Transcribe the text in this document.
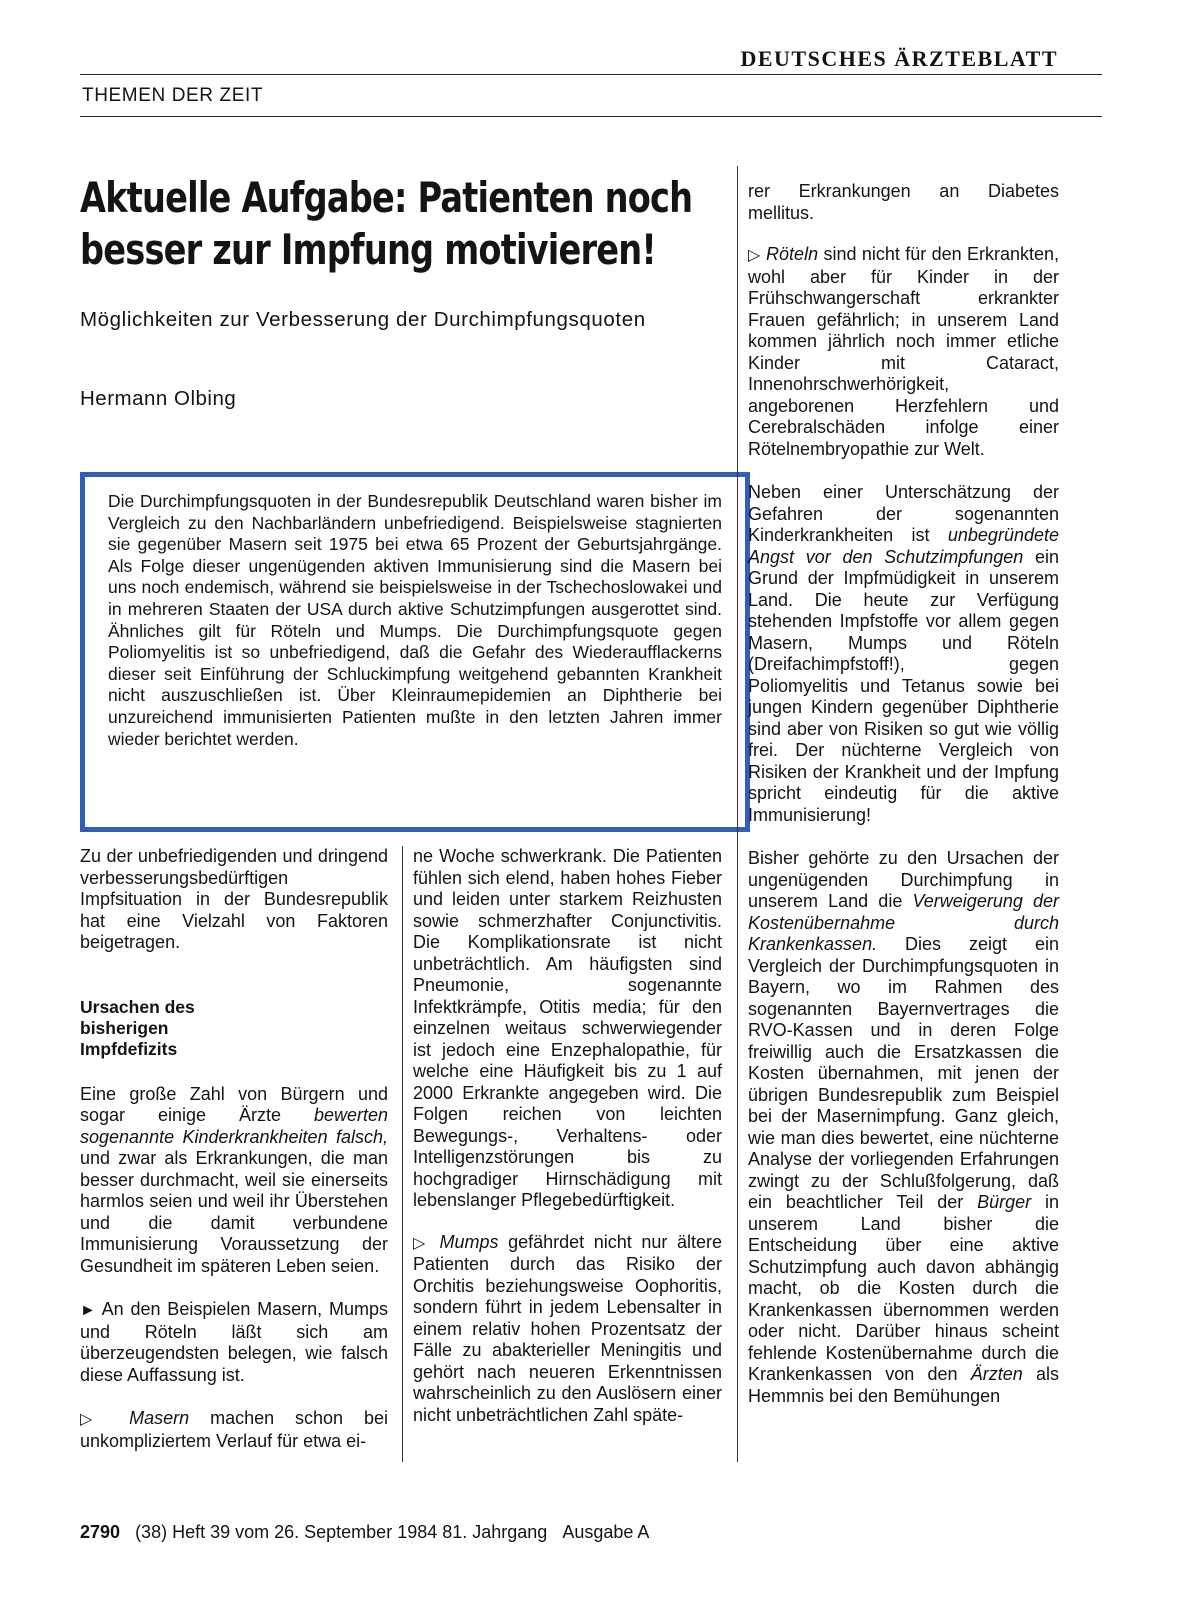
DEUTSCHES ÄRZTEBLATT
THEMEN DER ZEIT
Aktuelle Aufgabe: Patienten noch
besser zur Impfung motivieren!
Möglichkeiten zur Verbesserung der Durchimpfungsquoten
Hermann Olbing

Die Durchimpfungsquoten in der Bundesrepublik Deutschland waren bisher im Vergleich zu den Nachbarländern unbefriedigend. Beispielsweise stagnierten sie gegenüber Masern seit 1975 bei etwa 65 Prozent der Geburtsjahrgänge. Als Folge dieser ungenügenden aktiven Immunisierung sind die Masern bei uns noch endemisch, während sie beispielsweise in der Tschechoslowakei und in mehreren Staaten der USA durch aktive Schutzimpfungen ausgerottet sind. Ähnliches gilt für Röteln und Mumps. Die Durchimpfungsquote gegen Poliomyelitis ist so unbefriedigend, daß die Gefahr des Wiederaufflackerns dieser seit Einführung der Schluckimpfung weitgehend gebannten Krankheit nicht auszuschließen ist. Über Kleinraumepidemien an Diphtherie bei unzureichend immunisierten Patienten mußte in den letzten Jahren immer wieder berichtet werden.

Zu der unbefriedigenden und dringend verbesserungsbedürftigen Impfsituation in der Bundesrepublik hat eine Vielzahl von Faktoren beigetragen.

Ursachen des bisherigen Impfdefizits

Eine große Zahl von Bürgern und sogar einige Ärzte bewerten sogenannte Kinderkrankheiten falsch, und zwar als Erkrankungen, die man besser durchmacht, weil sie einerseits harmlos seien und weil ihr Überstehen und die damit verbundene Immunisierung Voraussetzung der Gesundheit im späteren Leben seien.

► An den Beispielen Masern, Mumps und Röteln läßt sich am überzeugendsten belegen, wie falsch diese Auffassung ist.

▷ Masern machen schon bei unkompliziertem Verlauf für etwa ei-

ne Woche schwerkrank. Die Patienten fühlen sich elend, haben hohes Fieber und leiden unter starkem Reizhusten sowie schmerzhafter Conjunctivitis. Die Komplikationsrate ist nicht unbeträchtlich. Am häufigsten sind Pneumonie, sogenannte Infektkrämpfe, Otitis media; für den einzelnen weitaus schwerwiegender ist jedoch eine Enzephalopathie, für welche eine Häufigkeit bis zu 1 auf 2000 Erkrankte angegeben wird. Die Folgen reichen von leichten Bewegungs-, Verhaltens- oder Intelligenzstörungen bis zu hochgradiger Hirnschädigung mit lebenslanger Pflegebedürftigkeit.

▷ Mumps gefährdet nicht nur ältere Patienten durch das Risiko der Orchitis beziehungsweise Oophoritis, sondern führt in jedem Lebensalter in einem relativ hohen Prozentsatz der Fälle zu abakterieller Meningitis und gehört nach neueren Erkenntnissen wahrscheinlich zu den Auslösern einer nicht unbeträchtlichen Zahl späte-

rer Erkrankungen an Diabetes mellitus.

▷ Röteln sind nicht für den Erkrankten, wohl aber für Kinder in der Frühschwangerschaft erkrankter Frauen gefährlich; in unserem Land kommen jährlich noch immer etliche Kinder mit Cataract, Innenohrschwerhörigkeit, angeborenen Herzfehlern und Cerebralschäden infolge einer Rötelnembryopathie zur Welt.

Neben einer Unterschätzung der Gefahren der sogenannten Kinderkrankheiten ist unbegründete Angst vor den Schutzimpfungen ein Grund der Impfmüdigkeit in unserem Land. Die heute zur Verfügung stehenden Impfstoffe vor allem gegen Masern, Mumps und Röteln (Dreifachimpfstoff!), gegen Poliomyelitis und Tetanus sowie bei jungen Kindern gegenüber Diphtherie sind aber von Risiken so gut wie völlig frei. Der nüchterne Vergleich von Risiken der Krankheit und der Impfung spricht eindeutig für die aktive Immunisierung!

Bisher gehörte zu den Ursachen der ungenügenden Durchimpfung in unserem Land die Verweigerung der Kostenübernahme durch Krankenkassen. Dies zeigt ein Vergleich der Durchimpfungsquoten in Bayern, wo im Rahmen des sogenannten Bayernvertrages die RVO-Kassen und in deren Folge freiwillig auch die Ersatzkassen die Kosten übernahmen, mit jenen der übrigen Bundesrepublik zum Beispiel bei der Masernimpfung. Ganz gleich, wie man dies bewertet, eine nüchterne Analyse der vorliegenden Erfahrungen zwingt zu der Schlußfolgerung, daß ein beachtlicher Teil der Bürger in unserem Land bisher die Entscheidung über eine aktive Schutzimpfung auch davon abhängig macht, ob die Kosten durch die Krankenkassen übernommen werden oder nicht. Darüber hinaus scheint fehlende Kostenübernahme durch die Krankenkassen von den Ärzten als Hemmnis bei den Bemühungen

2790 (38) Heft 39 vom 26. September 1984 81. Jahrgang Ausgabe A
